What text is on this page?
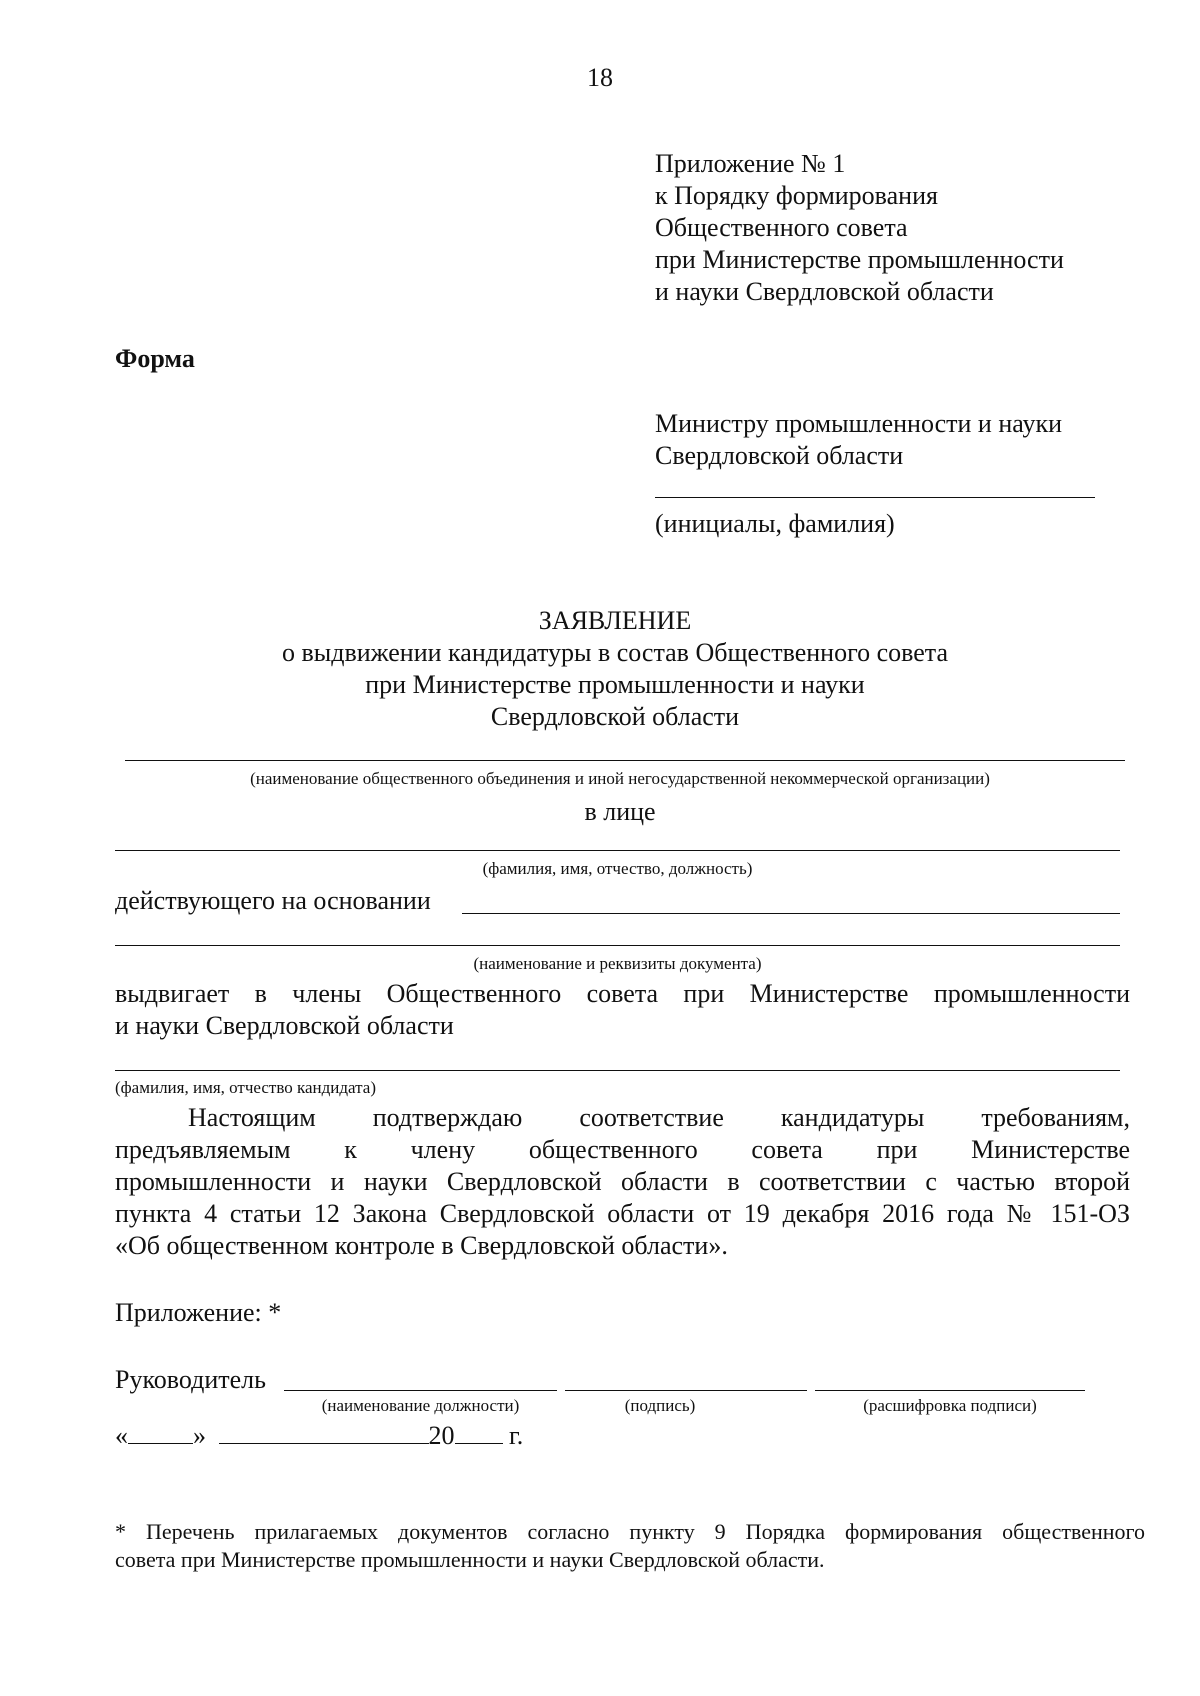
18
Приложение № 1
к Порядку формирования
Общественного совета
при Министерстве промышленности
и науки Свердловской области
Форма
Министру промышленности и науки
Свердловской области
(инициалы, фамилия)
ЗАЯВЛЕНИЕ
о выдвижении кандидатуры в состав Общественного совета
при Министерстве промышленности и науки
Свердловской области
(наименование общественного объединения и иной негосударственной некоммерческой организации)
в лице
(фамилия, имя, отчество, должность)
действующего на основании
(наименование и реквизиты документа)
выдвигает в члены Общественного совета при Министерстве промышленности
и науки Свердловской области
(фамилия, имя, отчество кандидата)
Настоящим подтверждаю соответствие кандидатуры требованиям,
предъявляемым к члену общественного совета при Министерстве
промышленности и науки Свердловской области в соответствии с частью второй
пункта 4 статьи 12 Закона Свердловской области от 19 декабря 2016 года № 151-ОЗ
«Об общественном контроле в Свердловской области».
Приложение: *
Руководитель
(наименование должности)	(подпись)	(расшифровка подписи)
«	»	20 г.
* Перечень прилагаемых документов согласно пункту 9 Порядка формирования общественного
совета при Министерстве промышленности и науки Свердловской области.
